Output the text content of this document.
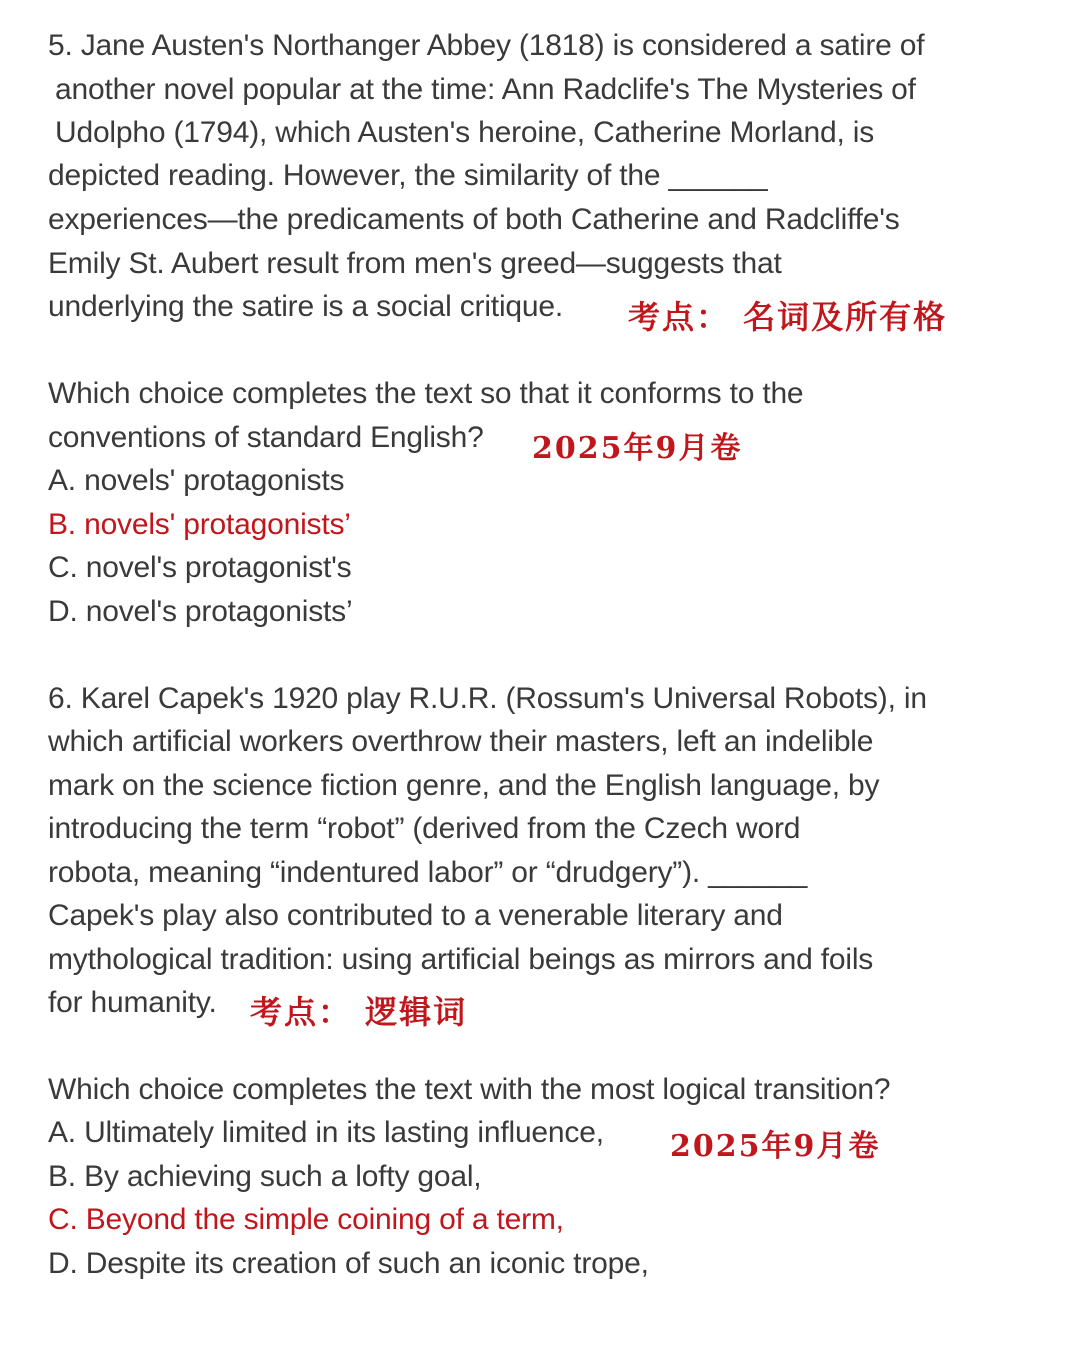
5. Jane Austen's Northanger Abbey (1818) is considered a satire of
another novel popular at the time: Ann Radclife's The Mysteries of
Udolpho (1794), which Austen's heroine, Catherine Morland, is
depicted reading. However, the similarity of the ______
experiences—the predicaments of both Catherine and Radcliffe's
Emily St. Aubert result from men's greed—suggests that
underlying the satire is a social critique. 考点： 名词及所有格
Which choice completes the text so that it conforms to the
conventions of standard English? 2025年9月卷
A. novels' protagonists
B. novels' protagonists’
C. novel's protagonist's
D. novel's protagonists’
6. Karel Capek's 1920 play R.U.R. (Rossum's Universal Robots), in
which artificial workers overthrow their masters, left an indelible
mark on the science fiction genre, and the English language, by
introducing the term “robot” (derived from the Czech word
robota, meaning “indentured labor” or “drudgery”). ______
Capek's play also contributed to a venerable literary and
mythological tradition: using artificial beings as mirrors and foils
for humanity. 考点： 逻辑词
Which choice completes the text with the most logical transition?
A. Ultimately limited in its lasting influence, 2025年9月卷
B. By achieving such a lofty goal,
C. Beyond the simple coining of a term,
D. Despite its creation of such an iconic trope,
